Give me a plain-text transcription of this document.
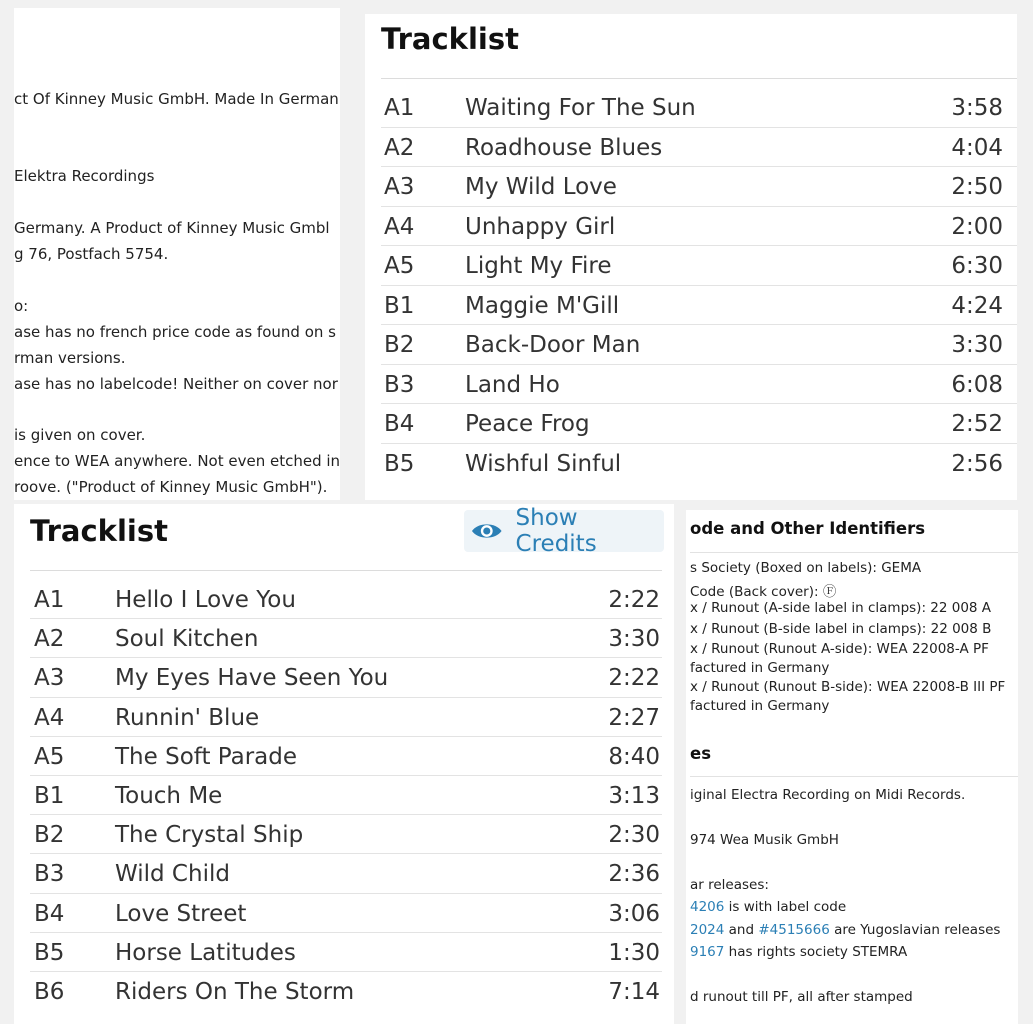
ct Of Kinney Music GmbH. Made In German
Elektra Recordings
Germany. A Product of Kinney Music Gmbl
g 76, Postfach 5754.
o:
ase has no french price code as found on s
rman versions.
ase has no labelcode! Neither on cover nor
is given on cover.
ence to WEA anywhere. Not even etched in
roove. ("Product of Kinney Music GmbH").
Tracklist
A1 Waiting For The Sun	3:58
A2 Roadhouse Blues	4:04
A3 My Wild Love	2:50
A4 Unhappy Girl	2:00
A5 Light My Fire	6:30
B1 Maggie M'Gill	4:24
B2 Back-Door Man	3:30
B3 Land Ho	6:08
B4 Peace Frog	2:52
B5 Wishful Sinful	2:56
Tracklist	Show Credits
A1 Hello I Love You	2:22
A2 Soul Kitchen	3:30
A3 My Eyes Have Seen You	2:22
A4 Runnin' Blue	2:27
A5 The Soft Parade	8:40
B1 Touch Me	3:13
B2 The Crystal Ship	2:30
B3 Wild Child	2:36
B4 Love Street	3:06
B5 Horse Latitudes	1:30
B6 Riders On The Storm	7:14
ode and Other Identifiers
s Society (Boxed on labels): GEMA
Code (Back cover): Ⓕ
x / Runout (A-side label in clamps): 22 008 A
x / Runout (B-side label in clamps): 22 008 B
x / Runout (Runout A-side): WEA 22008-A PF
factured in Germany
x / Runout (Runout B-side): WEA 22008-B III PF
factured in Germany
es
iginal Electra Recording on Midi Records.
974 Wea Musik GmbH
ar releases:
4206 is with label code
2024 and #4515666 are Yugoslavian releases
9167 has rights society STEMRA
d runout till PF, all after stamped
